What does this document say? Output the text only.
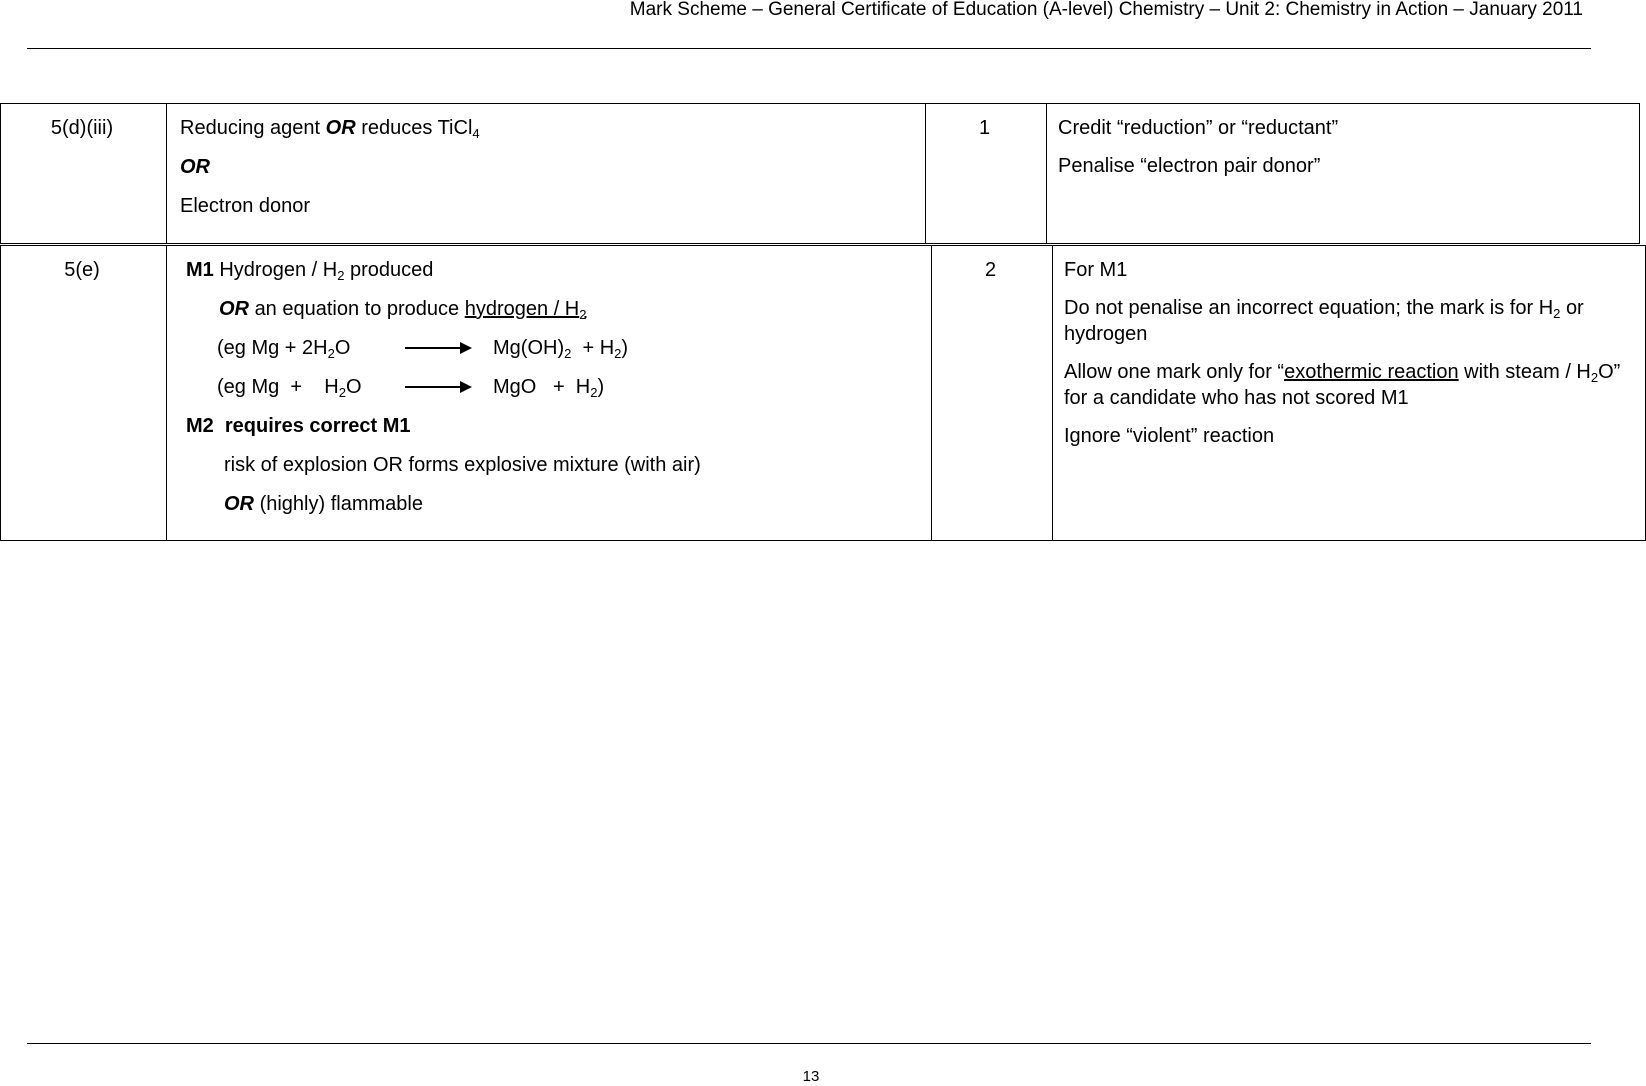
Mark Scheme – General Certificate of Education (A-level) Chemistry – Unit 2: Chemistry in Action – January 2011
5(d)(iii)	Reducing agent OR reduces TiCl$_4$
OR
Electron donor
	1	Credit “reduction” or “reductant”

Penalise “electron pair donor”

5(e)	M1 Hydrogen / $H_2$ produced
OR an equation to produce hydrogen / $H_2$
(eg $Mg + 2H_2O$	→ $Mg(OH)_2 + H_2$)
(eg Mg  +    $H_2O$ → MgO   +  $H_2$)
M2  requires correct M1
risk of explosion OR forms explosive mixture (with air)
OR (highly) flammable
	2	For M1

Do not penalise an incorrect equation; the mark is for $H_2$ or hydrogen

Allow one mark only for “exothermic reaction with steam / $H_2O$”  for a candidate who has not scored M1

Ignore “violent” reaction

13
